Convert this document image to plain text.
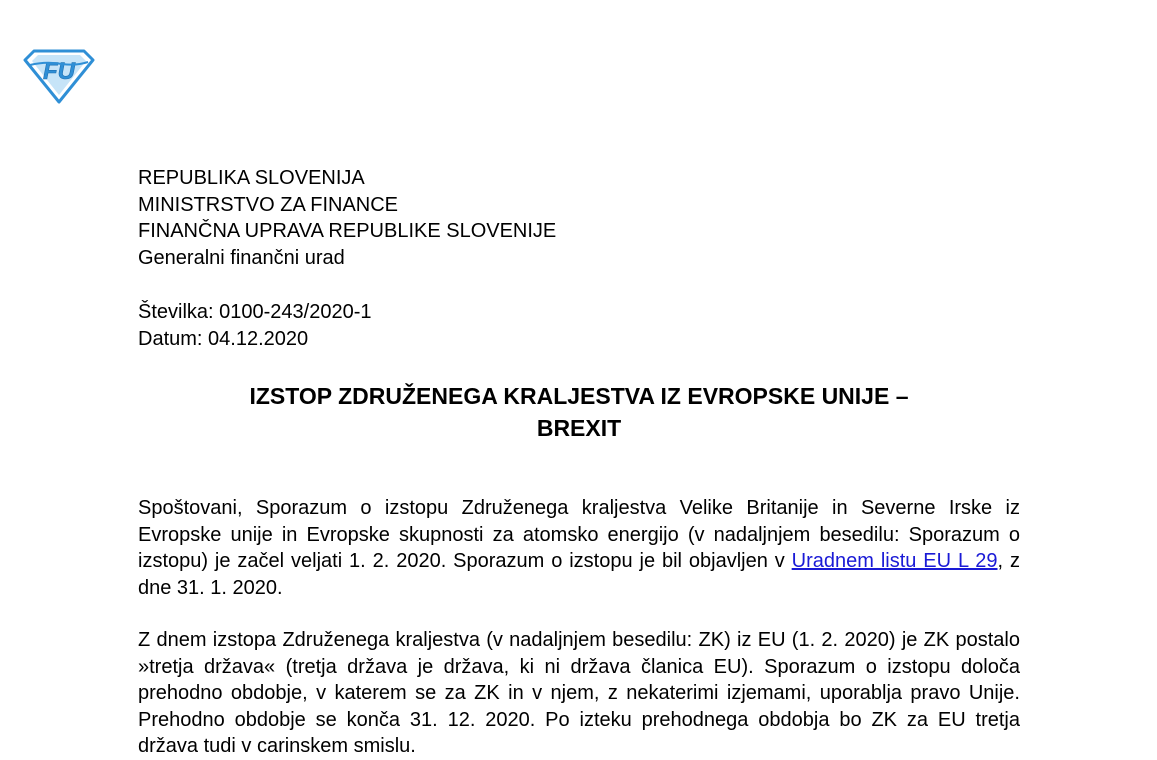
FU
REPUBLIKA SLOVENIJA
MINISTRSTVO ZA FINANCE
FINANČNA UPRAVA REPUBLIKE SLOVENIJE
Generalni finančni urad
Številka: 0100-243/2020-1
Datum: 04.12.2020
IZSTOP ZDRUŽENEGA KRALJESTVA IZ EVROPSKE UNIJE –
BREXIT

Spoštovani, Sporazum o izstopu Združenega kraljestva Velike Britanije in Severne Irske iz Evropske unije in Evropske skupnosti za atomsko energijo (v nadaljnjem besedilu: Sporazum o izstopu) je začel veljati 1. 2. 2020. Sporazum o izstopu je bil objavljen v Uradnem listu EU L 29, z dne 31. 1. 2020.

Z dnem izstopa Združenega kraljestva (v nadaljnjem besedilu: ZK) iz EU (1. 2. 2020) je ZK postalo »tretja država« (tretja država je država, ki ni država članica EU). Sporazum o izstopu določa prehodno obdobje, v katerem se za ZK in v njem, z nekaterimi izjemami, uporablja pravo Unije. Prehodno obdobje se konča 31. 12. 2020. Po izteku prehodnega obdobja bo ZK za EU tretja država tudi v carinskem smislu.
